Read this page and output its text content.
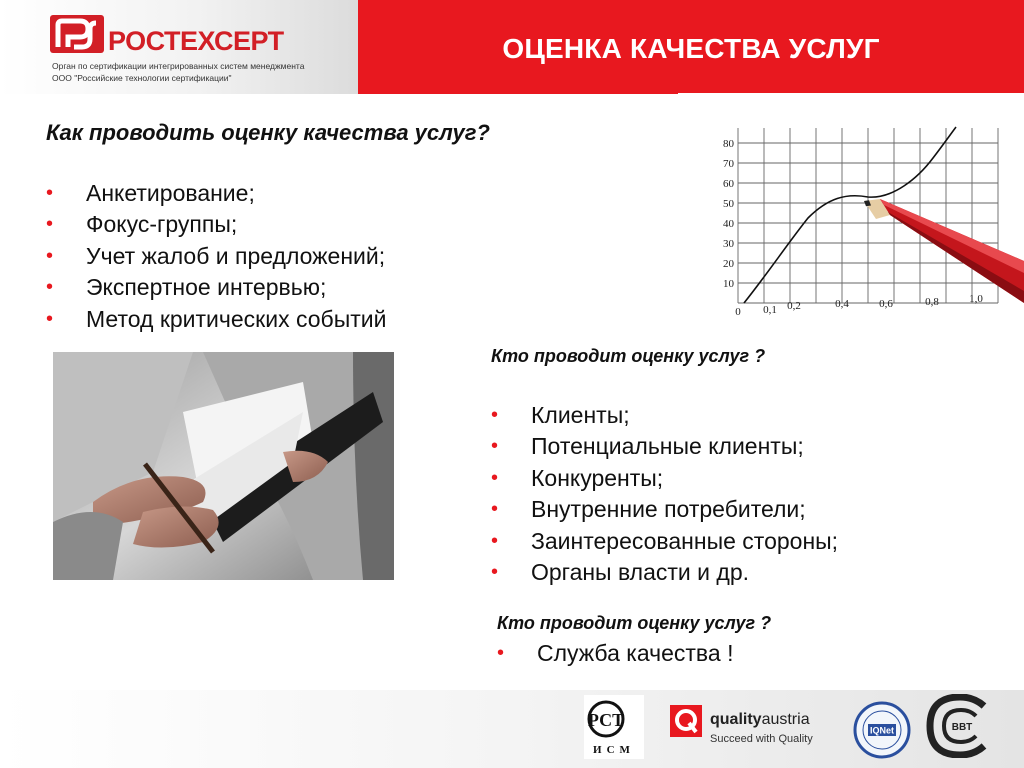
РОСТЕХСЕРТ
Орган по сертификации интегрированных систем менеджмента
ООО "Российские технологии сертификации"
ОЦЕНКА КАЧЕСТВА УСЛУГ
Как проводить оценку качества услуг?
• Анкетирование;
• Фокус-группы;
• Учет жалоб и предложений;
• Экспертное интервью;
• Метод критических событий
80
70
60
50
40
30
20
10
0 0,1 0,2	0,4	0,6	0,8	1,0
Кто проводит оценку услуг ?
• Клиенты;
• Потенциальные клиенты;
• Конкуренты;
• Внутренние потребители;
• Заинтересованные стороны;
• Органы власти и др.
Кто проводит оценку услуг ?
• Служба качества !
РСТ
ИСМ
qualityaustria
Succeed with Quality
IQNet	BBT
